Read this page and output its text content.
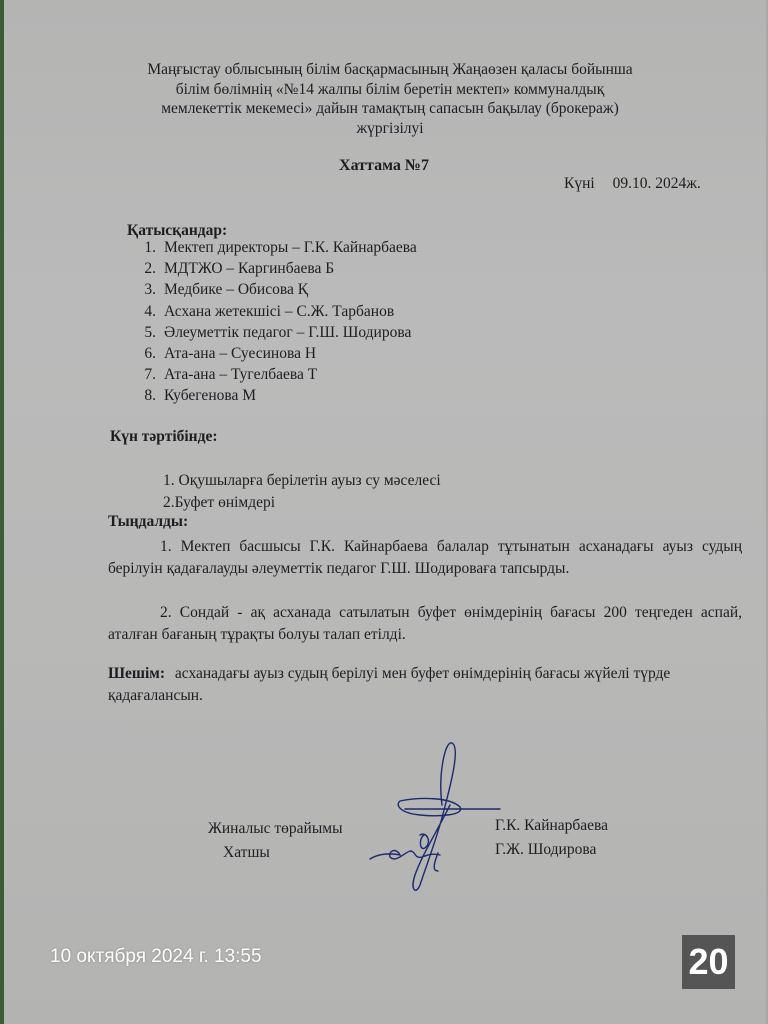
Маңғыстау облысының білім басқармасының Жаңаөзен қаласы бойынша
білім бөлімнің «№14 жалпы білім беретін мектеп» коммуналдық
мемлекеттік мекемесі» дайын тамақтың сапасын бақылау (брокераж)
жүргізілуі
Хаттама №7
Күні 09.10. 2024ж.
Қатысқандар:
1. Мектеп директоры – Г.К. Кайнарбаева
2. МДТЖО – Каргинбаева Б
3. Медбике – Обисова Қ
4. Асхана жетекшісі – С.Ж. Тарбанов
5. Әлеуметтік педагог – Г.Ш. Шодирова
6. Ата-ана – Суесинова Н
7. Ата-ана – Тугелбаева Т
8. Кубегенова М
Күн тәртібінде:
1. Оқушыларға берілетін ауыз су мәселесі
2.Буфет өнімдері
Тыңдалды:
1. Мектеп басшысы Г.К. Кайнарбаева балалар тұтынатын асханадағы ауыз судың берілуін қадағалауды әлеуметтік педагог Г.Ш. Шодироваға тапсырды.
2. Сондай - ақ асханада сатылатын буфет өнімдерінің бағасы 200 теңгеден аспай, аталған бағаның тұрақты болуы талап етілді.
Шешім: асханадағы ауыз судың берілуі мен буфет өнімдерінің бағасы жүйелі түрде қадағалансын.
Жиналыс төрайымы
Хатшы
Г.К. Кайнарбаева
Г.Ж. Шодирова
10 октября 2024 г. 13:55	20
